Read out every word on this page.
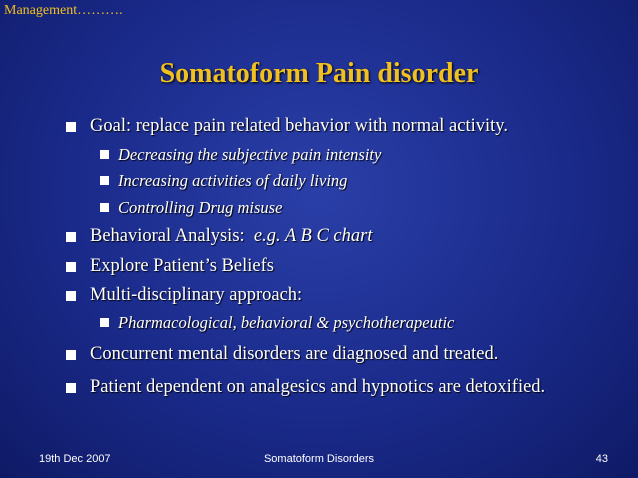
Management……….
Somatoform Pain disorder
Goal: replace pain related behavior with normal activity.
Decreasing the subjective pain intensity
Increasing activities of daily living
Controlling Drug misuse
Behavioral Analysis: e.g. A B C chart
Explore Patient’s Beliefs
Multi-disciplinary approach:
Pharmacological, behavioral & psychotherapeutic
Concurrent mental disorders are diagnosed and treated.
Patient dependent on analgesics and hypnotics are detoxified.
19th Dec 2007	Somatoform Disorders	43
